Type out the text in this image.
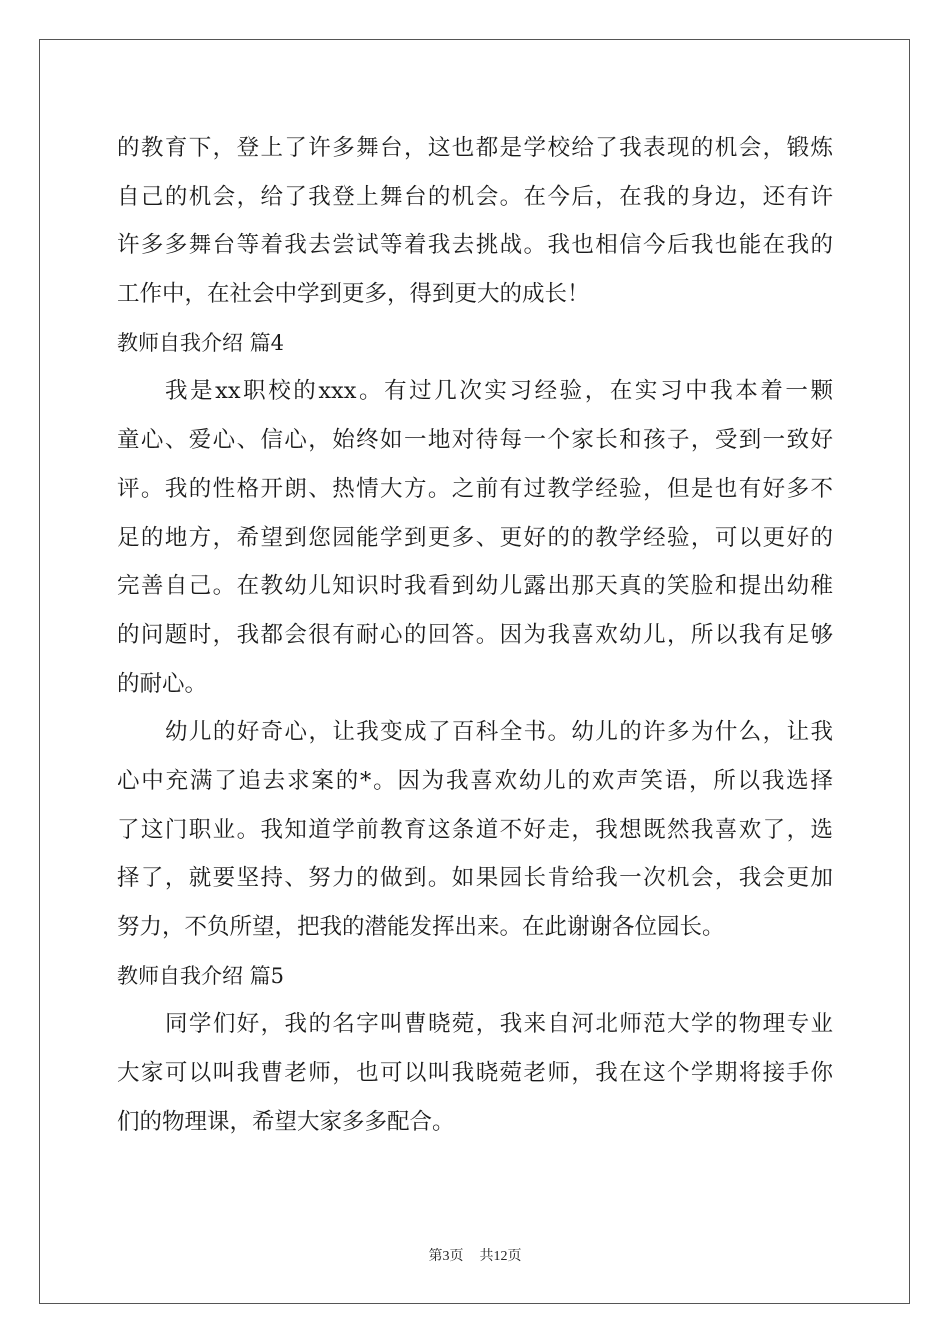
的教育下，登上了许多舞台，这也都是学校给了我表现的机会，锻炼
自己的机会，给了我登上舞台的机会。在今后，在我的身边，还有许
许多多舞台等着我去尝试等着我去挑战。我也相信今后我也能在我的
工作中，在社会中学到更多，得到更大的成长！
教师自我介绍 篇4
我是xx职校的xxx。有过几次实习经验，在实习中我本着一颗
童心、爱心、信心，始终如一地对待每一个家长和孩子，受到一致好
评。我的性格开朗、热情大方。之前有过教学经验，但是也有好多不
足的地方，希望到您园能学到更多、更好的的教学经验，可以更好的
完善自己。在教幼儿知识时我看到幼儿露出那天真的笑脸和提出幼稚
的问题时，我都会很有耐心的回答。因为我喜欢幼儿，所以我有足够
的耐心。
幼儿的好奇心，让我变成了百科全书。幼儿的许多为什么，让我
心中充满了追去求案的*。因为我喜欢幼儿的欢声笑语，所以我选择
了这门职业。我知道学前教育这条道不好走，我想既然我喜欢了，选
择了，就要坚持、努力的做到。如果园长肯给我一次机会，我会更加
努力，不负所望，把我的潜能发挥出来。在此谢谢各位园长。
教师自我介绍 篇5
同学们好，我的名字叫曹晓菀，我来自河北师范大学的物理专业
大家可以叫我曹老师，也可以叫我晓菀老师，我在这个学期将接手你
们的物理课，希望大家多多配合。
第3页 共12页
